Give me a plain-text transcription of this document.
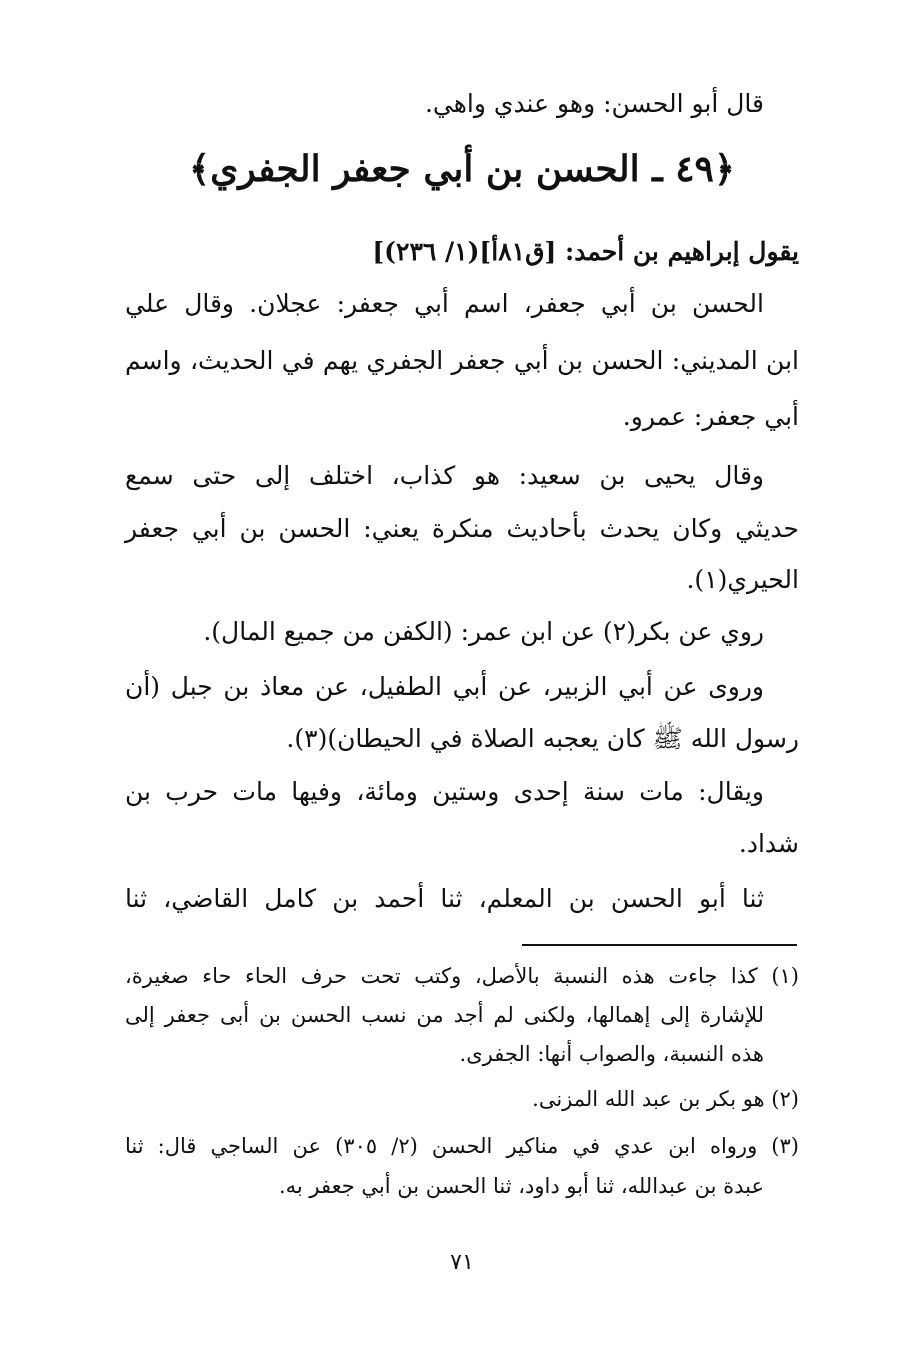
قال أبو الحسن: وهو عندي واهي.
﴿٤٩ ـ الحسن بن أبي جعفر الجفري﴾
يقول إبراهيم بن أحمد: [ق٨١أ](١/ ٢٣٦)]
الحسن بن أبي جعفر، اسم أبي جعفر: عجلان. وقال علي
ابن المديني: الحسن بن أبي جعفر الجفري يهم في الحديث، واسم
أبي جعفر: عمرو.
وقال يحيى بن سعيد: هو كذاب، اختلف إلى حتى سمع
حديثي وكان يحدث بأحاديث منكرة يعني: الحسن بن أبي جعفر
الحيري(١).
روي عن بكر(٢) عن ابن عمر: (الكفن من جميع المال).
وروى عن أبي الزبير، عن أبي الطفيل، عن معاذ بن جبل (أن
رسول الله ﷺ كان يعجبه الصلاة في الحيطان)(٣).
ويقال: مات سنة إحدى وستين ومائة، وفيها مات حرب بن
شداد.
ثنا أبو الحسن بن المعلم، ثنا أحمد بن كامل القاضي، ثنا
(١) كذا جاءت هذه النسبة بالأصل، وكتب تحت حرف الحاء حاء صغيرة،
للإشارة إلى إهمالها، ولكنى لم أجد من نسب الحسن بن أبى جعفر إلى
هذه النسبة، والصواب أنها: الجفرى.
(٢) هو بكر بن عبد الله المزنى.
(٣) ورواه ابن عدي في مناكير الحسن (٢/ ٣٠٥) عن الساجي قال: ثنا
عبدة بن عبدالله، ثنا أبو داود، ثنا الحسن بن أبي جعفر به.
٧١
